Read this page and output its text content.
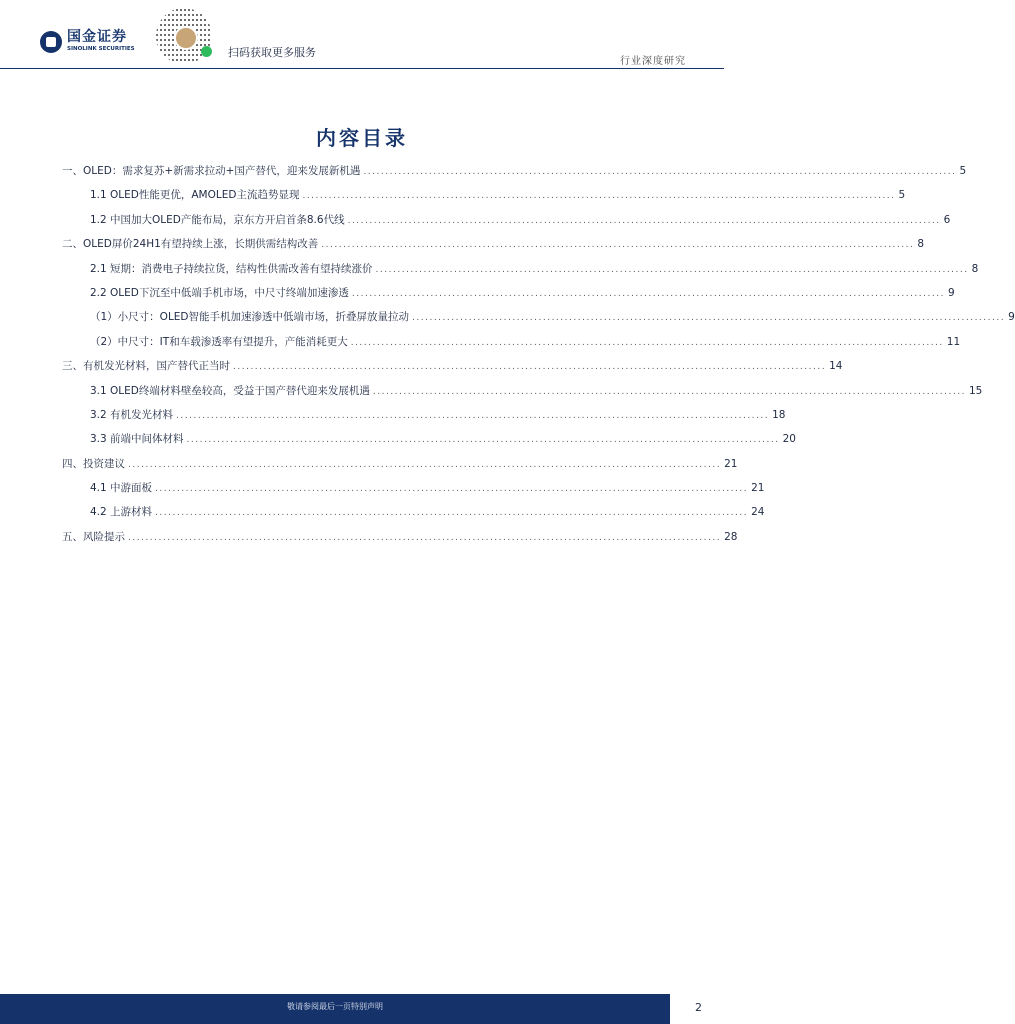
国金证券
SINOLINK SECURITIES	扫码获取更多服务
行业深度研究
内容目录
一、OLED：需求复苏+新需求拉动+国产替代，迎来发展新机遇 ........................................................................................................................................ 5
1.1 OLED性能更优，AMOLED主流趋势显现 ........................................................................................................................................ 5
1.2 中国加大OLED产能布局，京东方开启首条8.6代线 ........................................................................................................................................ 6
二、OLED屏价24H1有望持续上涨，长期供需结构改善 ........................................................................................................................................ 8
2.1 短期：消费电子持续拉货，结构性供需改善有望持续涨价 ........................................................................................................................................ 8
2.2 OLED下沉至中低端手机市场，中尺寸终端加速渗透 ........................................................................................................................................ 9
（1）小尺寸：OLED智能手机加速渗透中低端市场，折叠屏放量拉动 ........................................................................................................................................ 9
（2）中尺寸：IT和车载渗透率有望提升，产能消耗更大 ........................................................................................................................................ 11
三、有机发光材料，国产替代正当时 ........................................................................................................................................ 14
3.1 OLED终端材料壁垒较高，受益于国产替代迎来发展机遇 ........................................................................................................................................ 15
3.2 有机发光材料 ........................................................................................................................................ 18
3.3 前端中间体材料 ........................................................................................................................................ 20
四、投资建议 ........................................................................................................................................ 21
4.1 中游面板 ........................................................................................................................................ 21
4.2 上游材料 ........................................................................................................................................ 24
五、风险提示 ........................................................................................................................................ 28
敬请参阅最后一页特别声明	2
